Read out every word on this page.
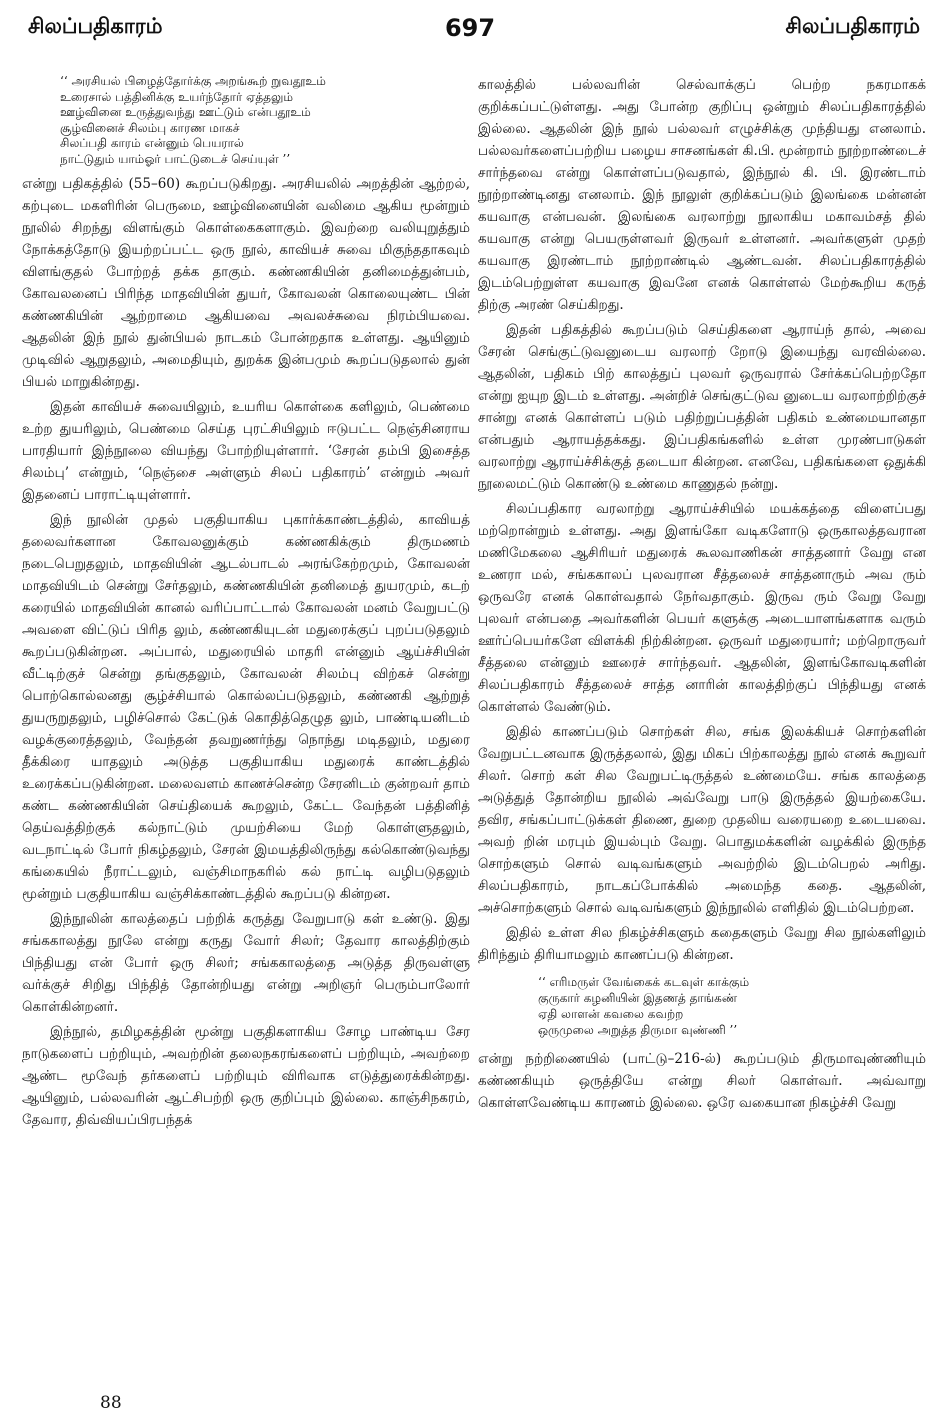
சிலப்பதிகாரம்	697	சிலப்பதிகாரம்
‘‘ அரசியல் பிழைத்தோர்க்கு அறங்கூற் றுவதூஉம்
உரைசால் பத்தினிக்கு உயர்ந்தோர் ஏத்தலும்
ஊழ்வினை உருத்துவந்து ஊட்டும் என்பதூஉம்
சூழ்வினைச் சிலம்பு காரண மாகச்
சிலப்பதி காரம் என்னும் பெயரால்
நாட்டுதும் யாம்ஓர் பாட்டுடைச் செய்யுள் ’’

என்று பதிகத்தில் (55–60) கூறப்படுகிறது. அரசியலில் அறத்தின் ஆற்றல், கற்புடை மகளிரின் பெருமை, ஊழ்வினையின் வலிமை ஆகிய மூன்றும் நூலில் சிறந்து விளங்கும் கொள்கைகளாகும். இவற்றை வலியுறுத்தும் நோக்கத்தோடு இயற்றப்பட்ட ஒரு நூல், காவியச் சுவை மிகுந்ததாகவும் விளங்குதல் போற்றத் தக்க தாகும். கண்ணகியின் தனிமைத்துன்பம், கோவலனைப் பிரிந்த மாதவியின் துயர், கோவலன் கொலையுண்ட பின் கண்ணகியின் ஆற்றாமை ஆகியவை அவலச்சுவை நிரம்பியவை. ஆதலின் இந் நூல் துன்பியல் நாடகம் போன்றதாக உள்ளது. ஆயினும் முடிவில் ஆறுதலும், அமைதியும், துறக்க இன்பமும் கூறப்படுதலால் துன் பியல் மாறுகின்றது.

இதன் காவியச் சுவையிலும், உயரிய கொள்கை களிலும், பெண்மை உற்ற துயரிலும், பெண்மை செய்த புரட்சியிலும் ஈடுபட்ட நெஞ்சினராய பாரதியார் இந்நூலை வியந்து போற்றியுள்ளார். ‘சேரன் தம்பி இசைத்த சிலம்பு’ என்றும், ‘நெஞ்சை அள்ளும் சிலப் பதிகாரம்’ என்றும் அவர் இதனைப் பாராட்டியுள்ளார்.

இந் நூலின் முதல் பகுதியாகிய புகார்க்காண்டத்தில், காவியத் தலைவர்களான கோவலனுக்கும் கண்ணகிக்கும் திருமணம் நடைபெறுதலும், மாதவியின் ஆடல்பாடல் அரங்கேற்றமும், கோவலன் மாதவியிடம் சென்று சேர்தலும், கண்ணகியின் தனிமைத் துயரமும், கடற் கரையில் மாதவியின் கானல் வரிப்பாட்டால் கோவலன் மனம் வேறுபட்டு அவளை விட்டுப் பிரித லும், கண்ணகியுடன் மதுரைக்குப் புறப்படுதலும் கூறப்படுகின்றன. அப்பால், மதுரையில் மாதரி என்னும் ஆய்ச்சியின் வீட்டிற்குச் சென்று தங்குதலும், கோவலன் சிலம்பு விற்கச் சென்று பொற்கொல்லனது சூழ்ச்சியால் கொல்லப்படுதலும், கண்ணகி ஆற்றுத் துயருறுதலும், பழிச்சொல் கேட்டுக் கொதித்தெழுத லும், பாண்டியனிடம் வழக்குரைத்தலும், வேந்தன் தவறுணர்ந்து நொந்து மடிதலும், மதுரை தீக்கிரை யாதலும் அடுத்த பகுதியாகிய மதுரைக் காண்டத்தில் உரைக்கப்படுகின்றன. மலைவளம் காணச்சென்ற சேரனிடம் குன்றவர் தாம் கண்ட கண்ணகியின் செய்தியைக் கூறலும், கேட்ட வேந்தன் பத்தினித் தெய்வத்திற்குக் கல்நாட்டும் முயற்சியை மேற் கொள்ளுதலும், வடநாட்டில் போர் நிகழ்தலும், சேரன் இமயத்திலிருந்து கல்கொண்டுவந்து கங்கையில் நீராட்டலும், வஞ்சிமாநகரில் கல் நாட்டி வழிபடுதலும் மூன்றும் பகுதியாகிய வஞ்சிக்காண்டத்தில் கூறப்படு கின்றன.

இந்நூலின் காலத்தைப் பற்றிக் கருத்து வேறுபாடு கள் உண்டு. இது சங்ககாலத்து நூலே என்று கருது வோர் சிலர்; தேவார காலத்திற்கும் பிந்தியது என் போர் ஒரு சிலர்; சங்ககாலத்தை அடுத்த திருவள்ளு வர்க்குச் சிறிது பிந்தித் தோன்றியது என்று அறிஞர் பெரும்பாலோர் கொள்கின்றனர்.

இந்நூல், தமிழகத்தின் மூன்று பகுதிகளாகிய சோழ பாண்டிய சேர நாடுகளைப் பற்றியும், அவற்றின் தலைநகரங்களைப் பற்றியும், அவற்றை ஆண்ட மூவேந் தர்களைப் பற்றியும் விரிவாக எடுத்துரைக்கின்றது. ஆயினும், பல்லவரின் ஆட்சிபற்றி ஒரு குறிப்பும் இல்லை. காஞ்சிநகரம், தேவார, திவ்வியப்பிரபந்தக்

காலத்தில் பல்லவரின் செல்வாக்குப் பெற்ற நகரமாகக் குறிக்கப்பட்டுள்ளது. அது போன்ற குறிப்பு ஒன்றும் சிலப்பதிகாரத்தில் இல்லை. ஆதலின் இந் நூல் பல்லவர் எழுச்சிக்கு முந்தியது எனலாம். பல்லவர்களைப்பற்றிய பழைய சாசனங்கள் கி.பி. மூன்றாம் நூற்றாண்டைச் சார்ந்தவை என்று கொள்ளப்படுவதால், இந்நூல் கி. பி. இரண்டாம் நூற்றாண்டினது எனலாம். இந் நூலுள் குறிக்கப்படும் இலங்கை மன்னன் கயவாகு என்பவன். இலங்கை வரலாற்று நூலாகிய மகாவம்சத் தில் கயவாகு என்று பெயருள்ளவர் இருவர் உள்ளனர். அவர்களுள் முதற் கயவாகு இரண்டாம் நூற்றாண்டில் ஆண்டவன். சிலப்பதிகாரத்தில் இடம்பெற்றுள்ள கயவாகு இவனே எனக் கொள்ளல் மேற்கூறிய கருத் திற்கு அரண் செய்கிறது.

இதன் பதிகத்தில் கூறப்படும் செய்திகளை ஆராய்ந் தால், அவை சேரன் செங்குட்டுவனுடைய வரலாற் றோடு இயைந்து வரவில்லை. ஆதலின், பதிகம் பிற் காலத்துப் புலவர் ஒருவரால் சேர்க்கப்பெற்றதோ என்று ஐயுற இடம் உள்ளது. அன்றிச் செங்குட்டுவ னுடைய வரலாற்றிற்குச் சான்று எனக் கொள்ளப் படும் பதிற்றுப்பத்தின் பதிகம் உண்மையானதா என்பதும் ஆராயத்தக்கது. இப்பதிகங்களில் உள்ள முரண்பாடுகள் வரலாற்று ஆராய்ச்சிக்குத் தடையா கின்றன. எனவே, பதிகங்களை ஒதுக்கி நூலைமட்டும் கொண்டு உண்மை காணுதல் நன்று.

சிலப்பதிகார வரலாற்று ஆராய்ச்சியில் மயக்கத்தை விளைப்பது மற்றொன்றும் உள்ளது. அது இளங்கோ வடிகளோடு ஒருகாலத்தவரான மணிமேகலை ஆசிரியர் மதுரைக் கூலவாணிகன் சாத்தனார் வேறு என உணரா மல், சங்ககாலப் புலவரான சீத்தலைச் சாத்தனாரும் அவ ரும் ஒருவரே எனக் கொள்வதால் நேர்வதாகும். இருவ ரும் வேறு வேறு புலவர் என்பதை அவர்களின் பெயர் களுக்கு அடையாளங்களாக வரும் ஊர்ப்பெயர்களே விளக்கி நிற்கின்றன. ஒருவர் மதுரையார்; மற்றொருவர் சீத்தலை என்னும் ஊரைச் சார்ந்தவர். ஆதலின், இளங்கோவடிகளின் சிலப்பதிகாரம் சீத்தலைச் சாத்த னாரின் காலத்திற்குப் பிந்தியது எனக் கொள்ளல் வேண்டும்.

இதில் காணப்படும் சொற்கள் சில, சங்க இலக்கியச் சொற்களின் வேறுபட்டனவாக இருத்தலால், இது மிகப் பிற்காலத்து நூல் எனக் கூறுவர் சிலர். சொற் கள் சில வேறுபட்டிருத்தல் உண்மையே. சங்க காலத்தை அடுத்துத் தோன்றிய நூலில் அவ்வேறு பாடு இருத்தல் இயற்கையே. தவிர, சங்கப்பாட்டுக்கள் திணை, துறை முதலிய வரையறை உடையவை. அவற் றின் மரபும் இயல்பும் வேறு. பொதுமக்களின் வழக்கில் இருந்த சொற்களும் சொல் வடிவங்களும் அவற்றில் இடம்பெறல் அரிது. சிலப்பதிகாரம், நாடகப்போக்கில் அமைந்த கதை. ஆதலின், அச்சொற்களும் சொல் வடிவங்களும் இந்நூலில் எளிதில் இடம்பெற்றன.

இதில் உள்ள சில நிகழ்ச்சிகளும் கதைகளும் வேறு சில நூல்களிலும் திரிந்தும் திரியாமலும் காணப்படு கின்றன.

‘‘ எரிமருள் வேங்கைக் கடவுள் காக்கும்
குருகார் கழனியின் இதணத் தாங்கண்
ஏதி லாளன் கவலை கவற்ற
ஒருமுலை அறுத்த திருமா வுண்ணி ’’

என்று நற்றிணையில் (பாட்டு–216-ல்) கூறப்படும் திருமாவுண்ணியும் கண்ணகியும் ஒருத்தியே என்று சிலர் கொள்வர். அவ்வாறு கொள்ளவேண்டிய காரணம் இல்லை. ஒரே வகையான நிகழ்ச்சி வேறு

88
